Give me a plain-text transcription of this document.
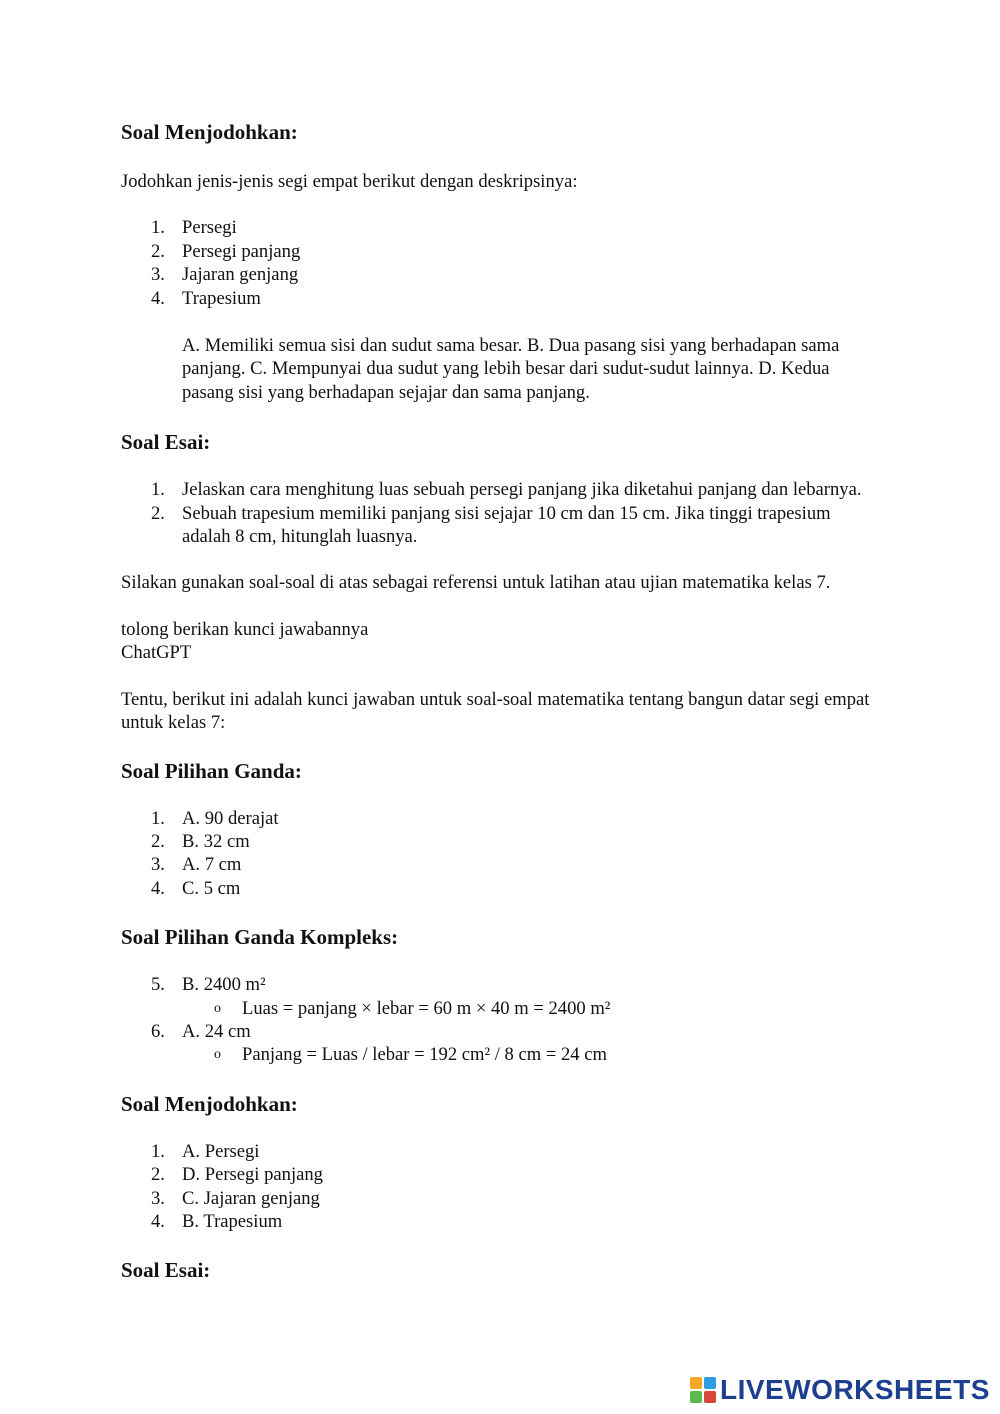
Soal Menjodohkan:

Jodohkan jenis-jenis segi empat berikut dengan deskripsinya:

1. Persegi
2. Persegi panjang
3. Jajaran genjang
4. Trapesium

A. Memiliki semua sisi dan sudut sama besar. B. Dua pasang sisi yang berhadapan sama panjang. C. Mempunyai dua sudut yang lebih besar dari sudut-sudut lainnya. D. Kedua pasang sisi yang berhadapan sejajar dan sama panjang.

Soal Esai:
1. Jelaskan cara menghitung luas sebuah persegi panjang jika diketahui panjang dan lebarnya.
2. Sebuah trapesium memiliki panjang sisi sejajar 10 cm dan 15 cm. Jika tinggi trapesium adalah 8 cm, hitunglah luasnya.

Silakan gunakan soal-soal di atas sebagai referensi untuk latihan atau ujian matematika kelas 7.

tolong berikan kunci jawabannya

ChatGPT

Tentu, berikut ini adalah kunci jawaban untuk soal-soal matematika tentang bangun datar segi empat untuk kelas 7:

Soal Pilihan Ganda:
1. A. 90 derajat
2. B. 32 cm
3. A. 7 cm
4. C. 5 cm
Soal Pilihan Ganda Kompleks:
5. B. 2400 m²
o Luas = panjang × lebar = 60 m × 40 m = 2400 m²
6. A. 24 cm
o Panjang = Luas / lebar = 192 cm² / 8 cm = 24 cm
Soal Menjodohkan:
1. A. Persegi
2. D. Persegi panjang
3. C. Jajaran genjang
4. B. Trapesium
Soal Esai:
LIVEWORKSHEETS
